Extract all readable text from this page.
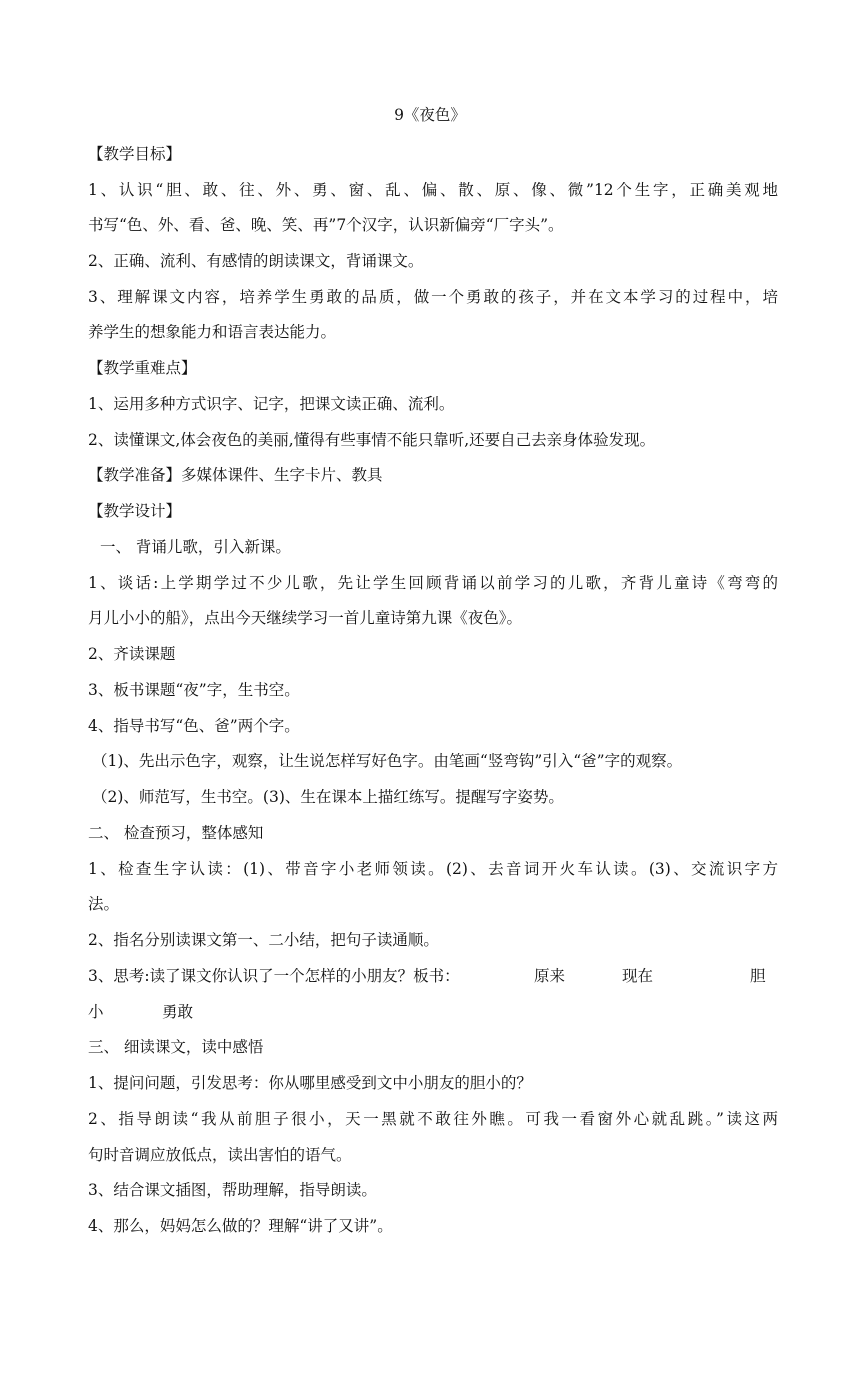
9《夜色》
【教学目标】
1、认识“胆、敢、往、外、勇、窗、乱、偏、散、原、像、微”12个生字，正确美观地
书写“色、外、看、爸、晚、笑、再”7个汉字，认识新偏旁“厂字头”。
2、正确、流利、有感情的朗读课文，背诵课文。
3、理解课文内容，培养学生勇敢的品质，做一个勇敢的孩子，并在文本学习的过程中，培
养学生的想象能力和语言表达能力。
【教学重难点】
1、运用多种方式识字、记字，把课文读正确、流利。
2、读懂课文,体会夜色的美丽,懂得有些事情不能只靠听,还要自己去亲身体验发现。
【教学准备】多媒体课件、生字卡片、教具
【教学设计】
一、 背诵儿歌，引入新课。
1、谈话:上学期学过不少儿歌，先让学生回顾背诵以前学习的儿歌，齐背儿童诗《弯弯的
月儿小小的船》，点出今天继续学习一首儿童诗第九课《夜色》。
2、齐读课题
3、板书课题“夜”字，生书空。
4、指导书写“色、爸”两个字。
（1)、先出示色字，观察，让生说怎样写好色字。由笔画“竖弯钩”引入“爸”字的观察。
（2)、师范写，生书空。(3)、生在课本上描红练写。提醒写字姿势。
二、 检查预习，整体感知
1、检查生字认读：(1)、带音字小老师领读。(2)、去音词开火车认读。(3)、交流识字方
法。
2、指名分别读课文第一、二小结，把句子读通顺。
3、思考:读了课文你认识了一个怎样的小朋友？板书：	原来	现在	胆
小	勇敢
三、 细读课文，读中感悟
1、提问问题，引发思考：你从哪里感受到文中小朋友的胆小的？
2、指导朗读“我从前胆子很小，天一黑就不敢往外瞧。可我一看窗外心就乱跳。”读这两
句时音调应放低点，读出害怕的语气。
3、结合课文插图，帮助理解，指导朗读。
4、那么，妈妈怎么做的？理解“讲了又讲”。
